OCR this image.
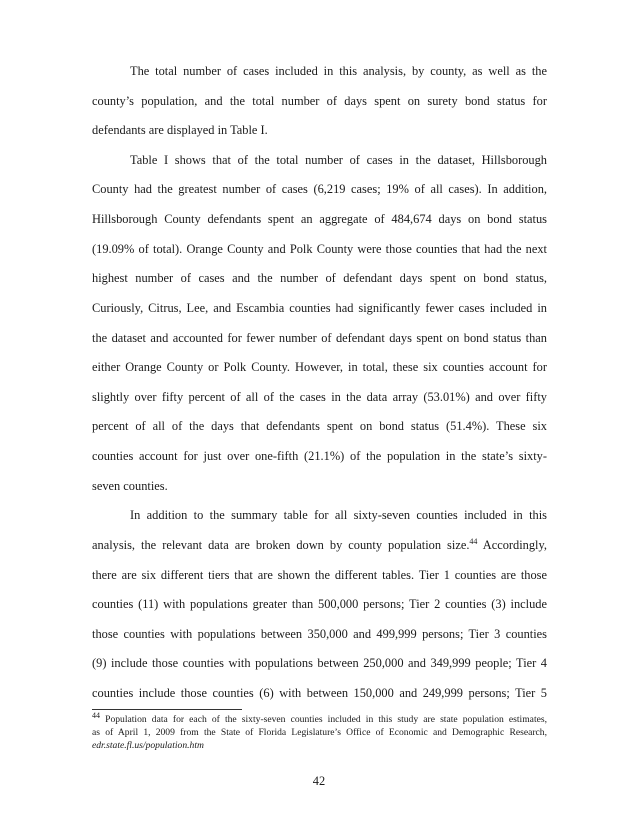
The total number of cases included in this analysis, by county, as well as the
county’s population, and the total number of days spent on surety bond status for
defendants are displayed in Table I.
Table I shows that of the total number of cases in the dataset, Hillsborough
County had the greatest number of cases (6,219 cases; 19% of all cases). In addition,
Hillsborough County defendants spent an aggregate of 484,674 days on bond status
(19.09% of total). Orange County and Polk County were those counties that had the next
highest number of cases and the number of defendant days spent on bond status,
Curiously, Citrus, Lee, and Escambia counties had significantly fewer cases included in
the dataset and accounted for fewer number of defendant days spent on bond status than
either Orange County or Polk County. However, in total, these six counties account for
slightly over fifty percent of all of the cases in the data array (53.01%) and over fifty
percent of all of the days that defendants spent on bond status (51.4%). These six
counties account for just over one-fifth (21.1%) of the population in the state’s sixty-
seven counties.
In addition to the summary table for all sixty-seven counties included in this
analysis, the relevant data are broken down by county population size.$^{44}$ Accordingly,
there are six different tiers that are shown the different tables. Tier 1 counties are those
counties (11) with populations greater than 500,000 persons; Tier 2 counties (3) include
those counties with populations between 350,000 and 499,999 persons; Tier 3 counties
(9) include those counties with populations between 250,000 and 349,999 people; Tier 4
counties include those counties (6) with between 150,000 and 249,999 persons; Tier 5
$^{44}$ Population data for each of the sixty-seven counties included in this study are state population estimates,
as of April 1, 2009 from the State of Florida Legislature’s Office of Economic and Demographic Research,
edr.state.fl.us/population.htm
42
